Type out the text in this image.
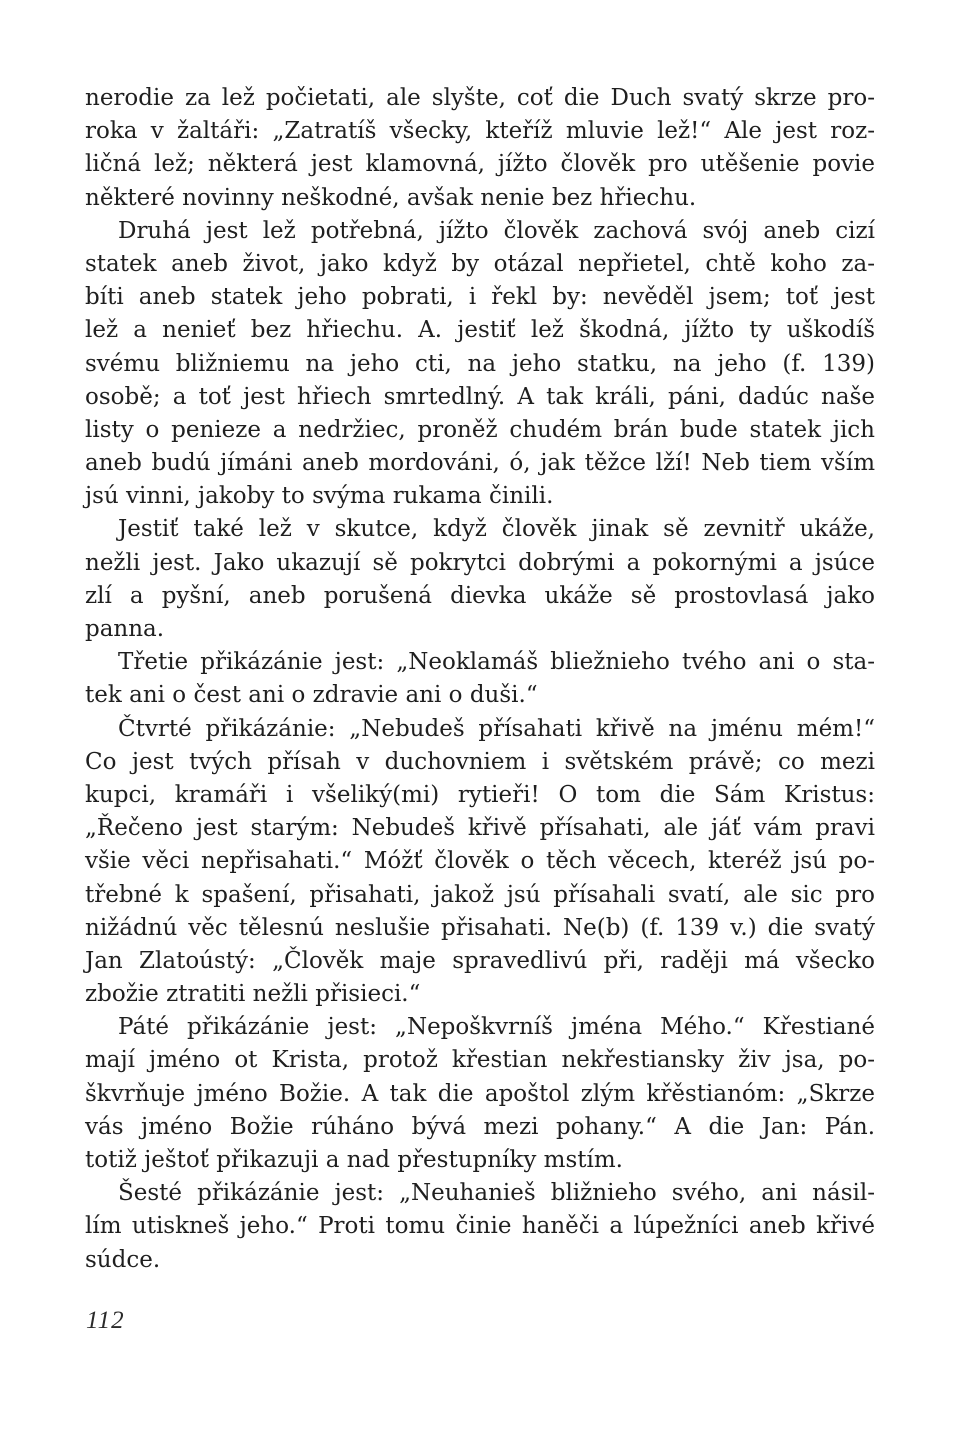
nerodie za lež počietati, ale slyšte, coť die Duch svatý skrze pro-
roka v žaltáři: „Zatratíš všecky, kteříž mluvie lež!“ Ale jest roz-
ličná lež; některá jest klamovná, jížto člověk pro utěšenie povie
některé novinny neškodné, avšak nenie bez hřiechu.
Druhá jest lež potřebná, jížto člověk zachová svój aneb cizí
statek aneb život, jako když by otázal nepřietel, chtě koho za-
bíti aneb statek jeho pobrati, i řekl by: nevěděl jsem; toť jest
lež a nenieť bez hřiechu. A. jestiť lež škodná, jížto ty uškodíš
svému bližniemu na jeho cti, na jeho statku, na jeho (f. 139)
osobě; a toť jest hřiech smrtedlný. A tak králi, páni, dadúc naše
listy o penieze a nedržiec, proněž chudém brán bude statek jich
aneb budú jímáni aneb mordováni, ó, jak těžce lží! Neb tiem vším
jsú vinni, jakoby to svýma rukama činili.
Jestiť také lež v skutce, když člověk jinak sě zevnitř ukáže,
nežli jest. Jako ukazují sě pokrytci dobrými a pokornými a jsúce
zlí a pyšní, aneb porušená dievka ukáže sě prostovlasá jako
panna.
Třetie přikázánie jest: „Neoklamáš bliežnieho tvého ani o sta-
tek ani o čest ani o zdravie ani o duši.“
Čtvrté přikázánie: „Nebudeš přísahati křivě na jménu mém!“
Co jest tvých přísah v duchovniem i světském právě; co mezi
kupci, kramáři i všeliký(mi) rytieři! O tom die Sám Kristus:
„Řečeno jest starým: Nebudeš křivě přísahati, ale jáť vám pravi
všie věci nepřisahati.“ Móžť člověk o těch věcech, kteréž jsú po-
třebné k spašení, přisahati, jakož jsú přísahali svatí, ale sic pro
nižádnú věc tělesnú neslušie přisahati. Ne(b) (f. 139 v.) die svatý
Jan Zlatoústý: „Člověk maje spravedlivú při, raději má všecko
zbožie ztratiti nežli přisieci.“
Páté přikázánie jest: „Nepoškvrníš jména Mého.“ Křestiané
mají jméno ot Krista, protož křestian nekřestiansky živ jsa, po-
škvrňuje jméno Božie. A tak die apoštol zlým křěstianóm: „Skrze
vás jméno Božie rúháno bývá mezi pohany.“ A die Jan: Pán.
totiž ještoť přikazuji a nad přestupníky mstím.
Šesté přikázánie jest: „Neuhanieš bližnieho svého, ani násil-
lím utiskneš jeho.“ Proti tomu činie haněči a lúpežníci aneb křivé
súdce.
112
